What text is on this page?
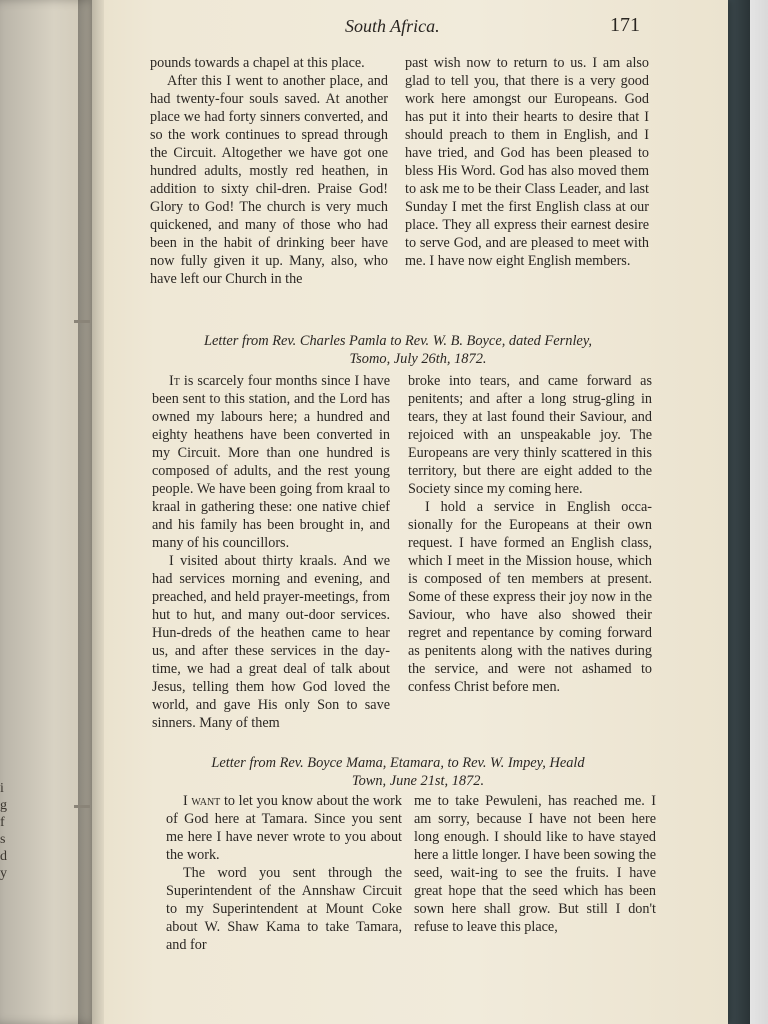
i
g
f
s
d
y
South Africa.	171

pounds towards a chapel at this place.

After this I went to another place, and had twenty-four souls saved. At another place we had forty sinners converted, and so the work continues to spread through the Circuit. Altogether we have got one hundred adults, mostly red heathen, in addition to sixty chil-dren. Praise God! Glory to God! The church is very much quickened, and many of those who had been in the habit of drinking beer have now fully given it up. Many, also, who have left our Church in the

past wish now to return to us. I am also glad to tell you, that there is a very good work here amongst our Europeans. God has put it into their hearts to desire that I should preach to them in English, and I have tried, and God has been pleased to bless His Word. God has also moved them to ask me to be their Class Leader, and last Sunday I met the first English class at our place. They all express their earnest desire to serve God, and are pleased to meet with me. I have now eight English members.

Letter from Rev. Charles Pamla to Rev. W. B. Boyce, dated Fernley,
Tsomo, July 26th, 1872.

It is scarcely four months since I have been sent to this station, and the Lord has owned my labours here; a hundred and eighty heathens have been converted in my Circuit. More than one hundred is composed of adults, and the rest young people. We have been going from kraal to kraal in gathering these: one native chief and his family has been brought in, and many of his councillors.

I visited about thirty kraals. And we had services morning and evening, and preached, and held prayer-meetings, from hut to hut, and many out-door services. Hun-dreds of the heathen came to hear us, and after these services in the day-time, we had a great deal of talk about Jesus, telling them how God loved the world, and gave His only Son to save sinners. Many of them

broke into tears, and came forward as penitents; and after a long strug-gling in tears, they at last found their Saviour, and rejoiced with an unspeakable joy. The Europeans are very thinly scattered in this territory, but there are eight added to the Society since my coming here.

I hold a service in English occa-sionally for the Europeans at their own request. I have formed an English class, which I meet in the Mission house, which is composed of ten members at present. Some of these express their joy now in the Saviour, who have also showed their regret and repentance by coming forward as penitents along with the natives during the service, and were not ashamed to confess Christ before men.

Letter from Rev. Boyce Mama, Etamara, to Rev. W. Impey, Heald
Town, June 21st, 1872.

I want to let you know about the work of God here at Tamara. Since you sent me here I have never wrote to you about the work.

The word you sent through the Superintendent of the Annshaw Circuit to my Superintendent at Mount Coke about W. Shaw Kama to take Tamara, and for

me to take Pewuleni, has reached me. I am sorry, because I have not been here long enough. I should like to have stayed here a little longer. I have been sowing the seed, wait-ing to see the fruits. I have great hope that the seed which has been sown here shall grow. But still I don't refuse to leave this place,
